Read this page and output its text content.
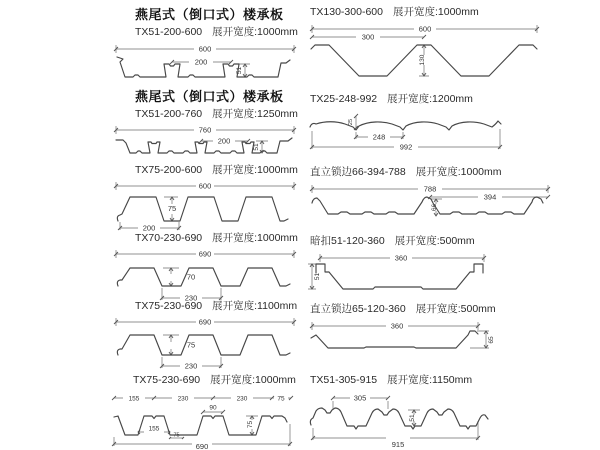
燕尾式（倒口式）楼承板

TX51-200-600 展开宽度:1000mm

600
200
51
燕尾式（倒口式）楼承板

TX51-200-760 展开宽度:1250mm

760
200
51

TX75-200-600 展开宽度:1000mm

600
75
200

TX70-230-690 展开宽度:1000mm

690
70
230

TX75-230-690 展开宽度:1100mm

690
75
230

TX75-230-690 展开宽度:1000mm

155	230	230	75
90
155
75
75
690

TX130-300-600 展开宽度:1000mm

600
300
130

TX25-248-992 展开宽度:1200mm

25
248
992

直立锁边66-394-788 展开宽度:1000mm

788
394
66

暗扣51-120-360 展开宽度:500mm

360
51

直立锁边65-120-360 展开宽度:500mm

360
65

TX51-305-915 展开宽度:1150mm

305
51
915
